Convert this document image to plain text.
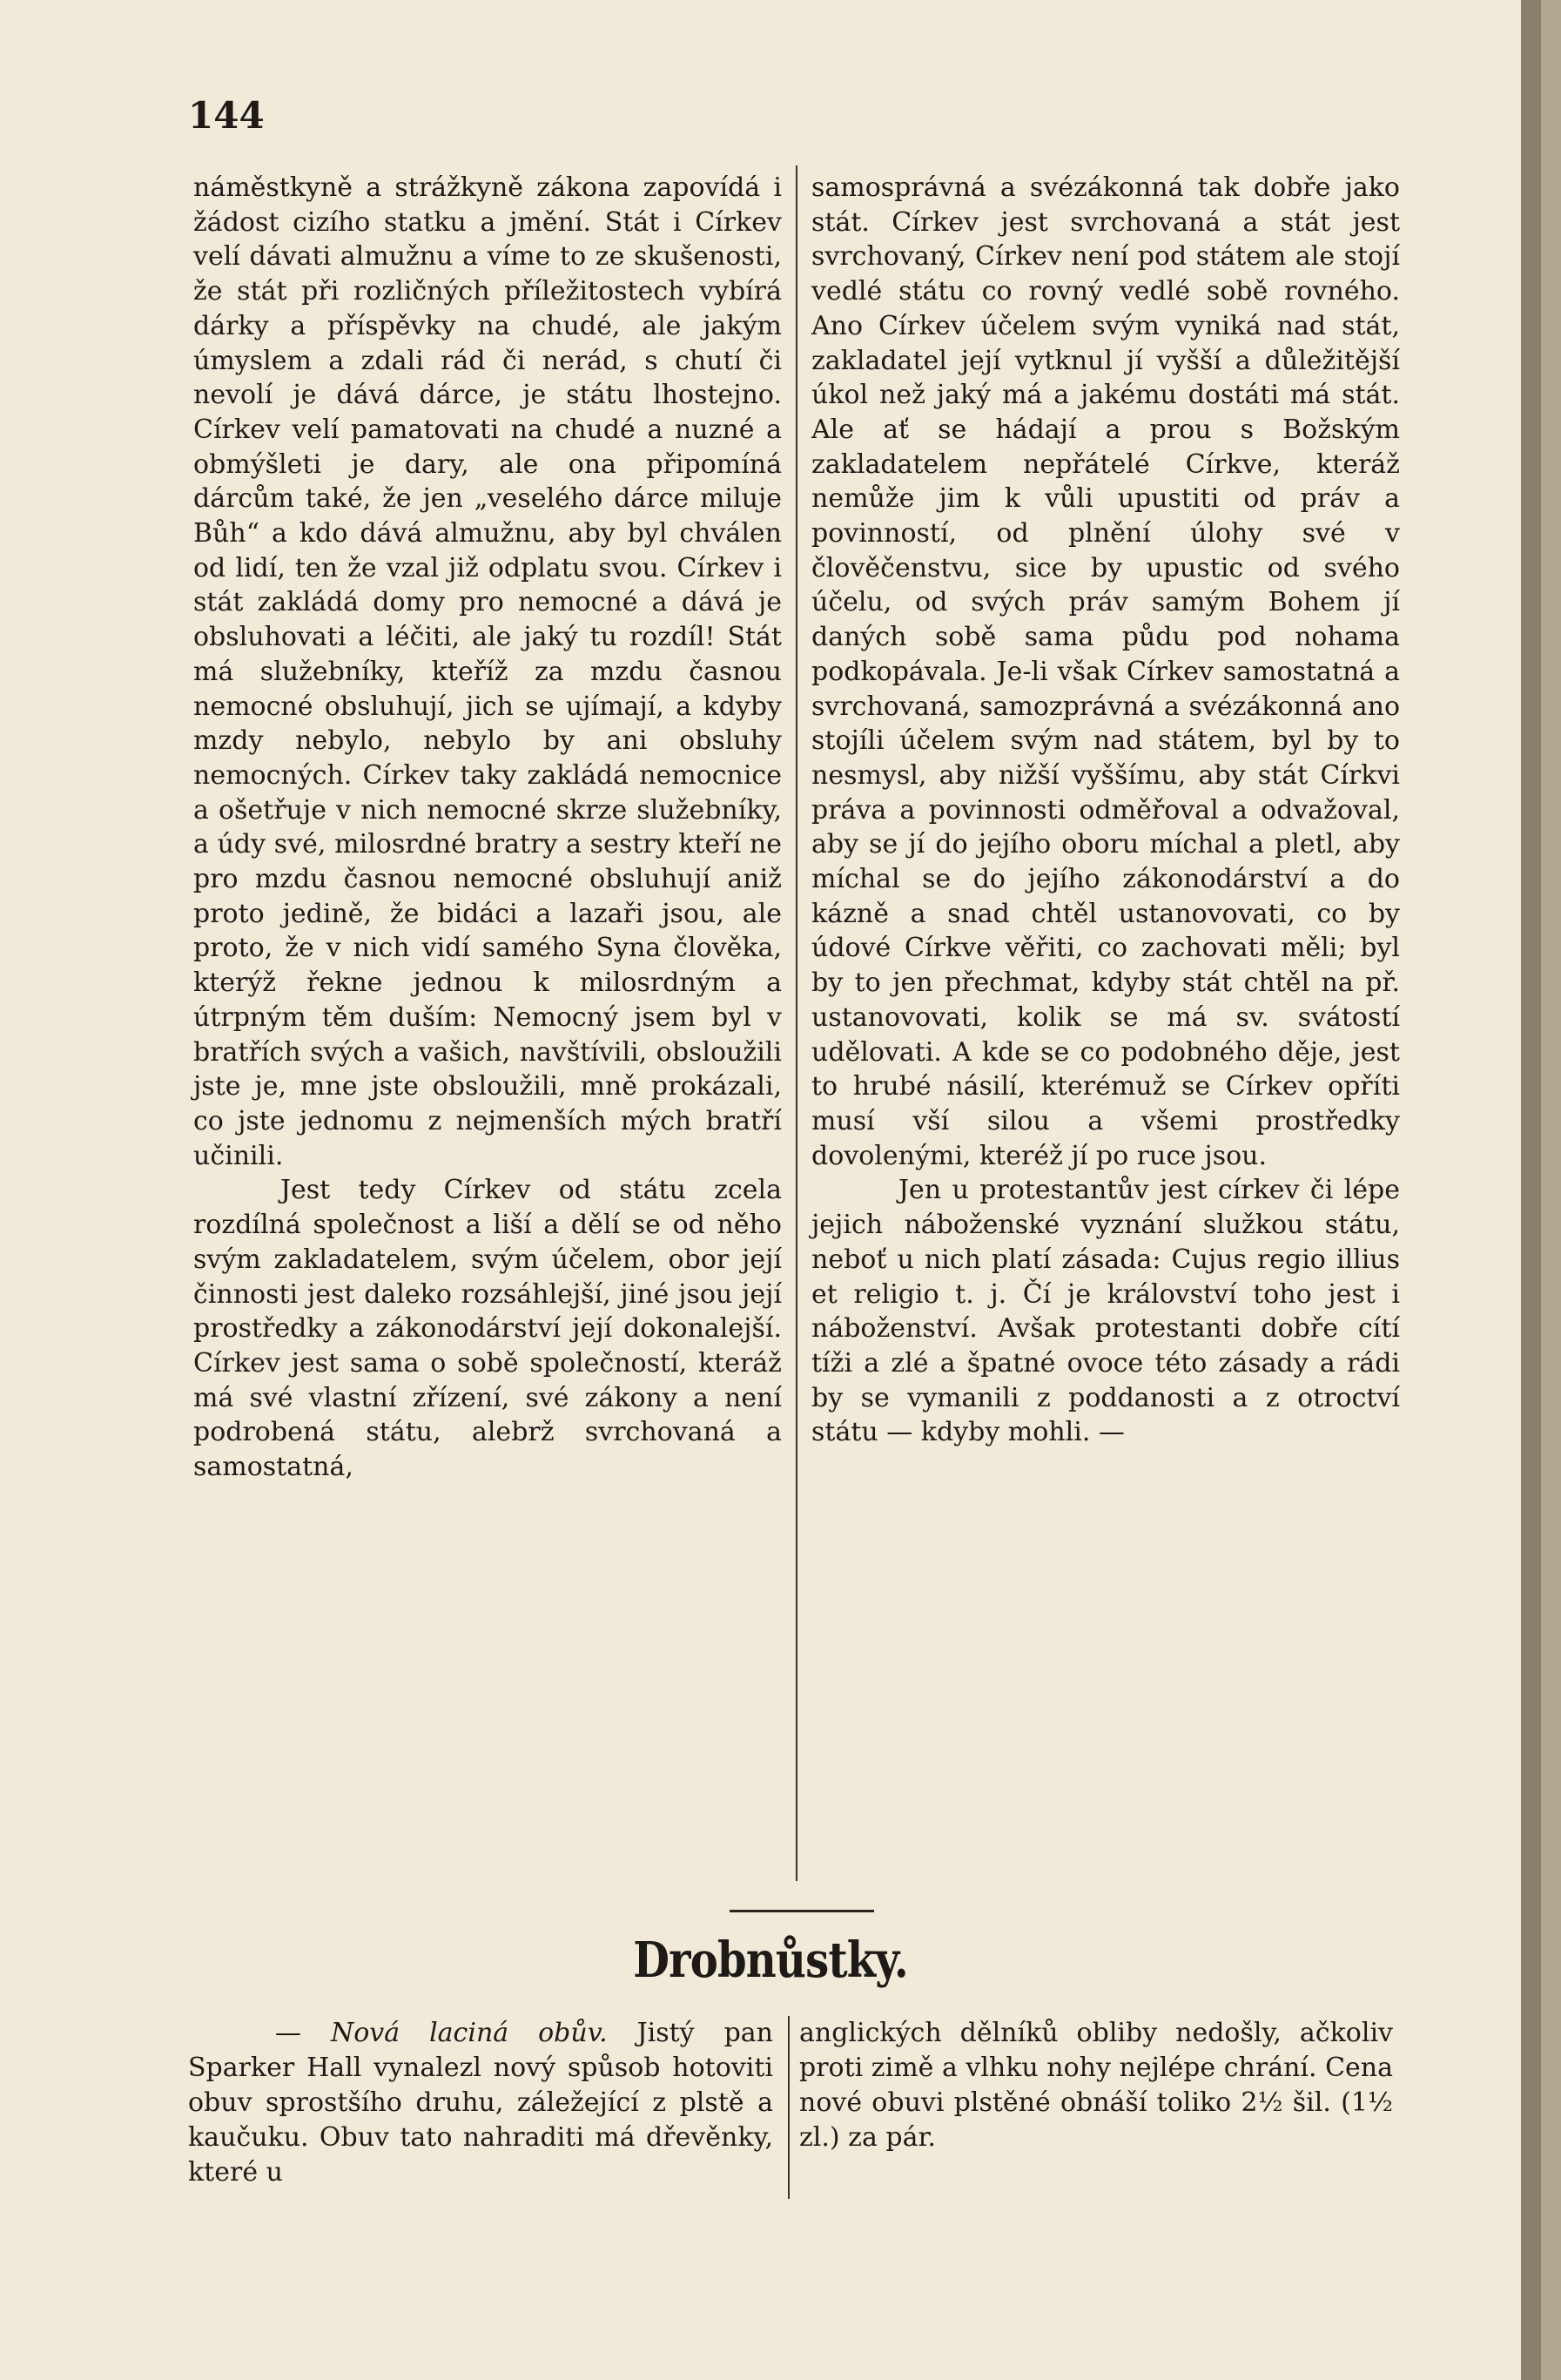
144

náměstkyně a strážkyně zákona zapovídá i žádost cizího statku a jmění. Stát i Církev velí dávati almužnu a víme to ze skušenosti, že stát při rozličných příležitostech vybírá dárky a příspěvky na chudé, ale jakým úmyslem a zdali rád či nerád, s chutí či nevolí je dává dárce, je státu lhostejno. Církev velí pamatovati na chudé a nuzné a obmýšleti je dary, ale ona připomíná dárcům také, že jen „veselého dárce miluje Bůh“ a kdo dává almužnu, aby byl chválen od lidí, ten že vzal již odplatu svou. Církev i stát zakládá domy pro nemocné a dává je obsluhovati a léčiti, ale jaký tu rozdíl! Stát má služebníky, kteříž za mzdu časnou nemocné obsluhují, jich se ujímají, a kdyby mzdy nebylo, nebylo by ani obsluhy nemocných. Církev taky zakládá nemocnice a ošetřuje v nich nemocné skrze služebníky, a údy své, milosrdné bratry a sestry kteří ne pro mzdu časnou nemocné obsluhují aniž proto jedině, že bidáci a lazaři jsou, ale proto, že v nich vidí samého Syna člověka, kterýž řekne jednou k milosrdným a útrpným těm duším: Nemocný jsem byl v bratřích svých a vašich, navštívili, obsloužili jste je, mne jste obsloužili, mně prokázali, co jste jednomu z nejmenších mých bratří učinili.

Jest tedy Církev od státu zcela rozdílná společnost a liší a dělí se od něho svým zakladatelem, svým účelem, obor její činnosti jest daleko rozsáhlejší, jiné jsou její prostředky a zákonodárství její dokonalejší. Církev jest sama o sobě společností, kteráž má své vlastní zřízení, své zákony a není podrobená státu, alebrž svrchovaná a samostatná,

samosprávná a svézákonná tak dobře jako stát. Církev jest svrchovaná a stát jest svrchovaný, Církev není pod státem ale stojí vedlé státu co rovný vedlé sobě rovného. Ano Církev účelem svým vyniká nad stát, zakladatel její vytknul jí vyšší a důležitější úkol než jaký má a jakému dostáti má stát. Ale ať se hádají a prou s Božským zakladatelem nepřátelé Církve, kteráž nemůže jim k vůli upustiti od práv a povinností, od plnění úlohy své v člověčenstvu, sice by upustic od svého účelu, od svých práv samým Bohem jí daných sobě sama půdu pod nohama podkopávala. Je-li však Církev samostatná a svrchovaná, samozprávná a svézákonná ano stojíli účelem svým nad státem, byl by to nesmysl, aby nižší vyššímu, aby stát Církvi práva a povinnosti odměřoval a odvažoval, aby se jí do jejího oboru míchal a pletl, aby míchal se do jejího zákonodárství a do kázně a snad chtěl ustanovovati, co by údové Církve věřiti, co zachovati měli; byl by to jen přechmat, kdyby stát chtěl na př. ustanovovati, kolik se má sv. svátostí udělovati. A kde se co podobného děje, jest to hrubé násilí, kterémuž se Církev opříti musí vší silou a všemi prostředky dovolenými, kteréž jí po ruce jsou.

Jen u protestantův jest církev či lépe jejich náboženské vyznání služkou státu, neboť u nich platí zásada: Cujus regio illius et religio t. j. Čí je království toho jest i náboženství. Avšak protestanti dobře cítí tíži a zlé a špatné ovoce této zásady a rádi by se vymanili z poddanosti a z otroctví státu — kdyby mohli. —

Drobnůstky.

— Nová laciná obův. Jistý pan Sparker Hall vynalezl nový spůsob hotoviti obuv sprostšího druhu, záležející z plstě a kaučuku. Obuv tato nahraditi má dřevěnky, které u

anglických dělníků obliby nedošly, ačkoliv proti zimě a vlhku nohy nejlépe chrání. Cena nové obuvi plstěné obnáší toliko 2½ šil. (1½ zl.) za pár.
